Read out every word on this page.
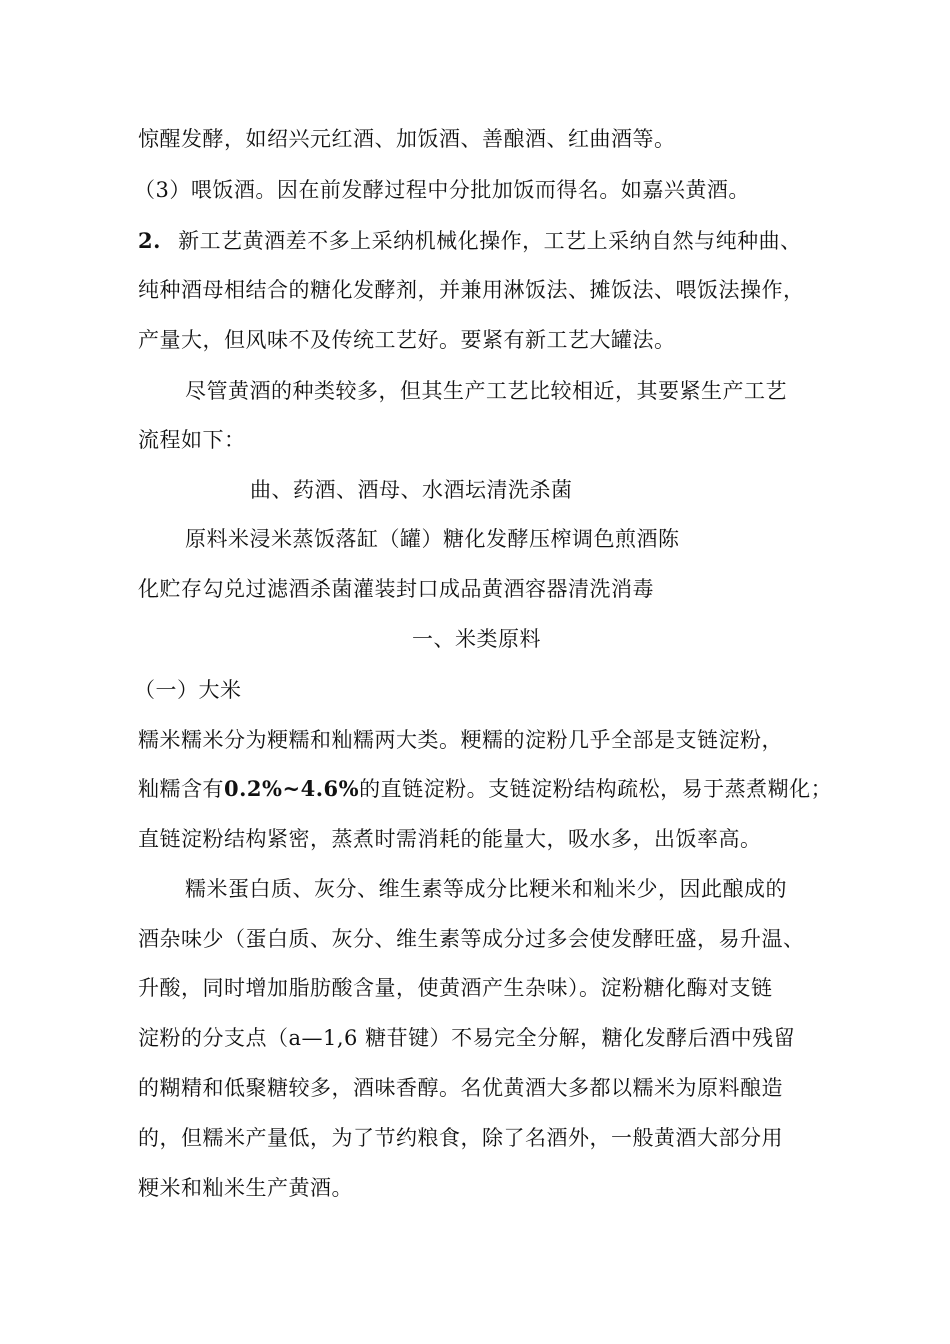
惊醒发酵，如绍兴元红酒、加饭酒、善酿酒、红曲酒等。
（3）喂饭酒。因在前发酵过程中分批加饭而得名。如嘉兴黄酒。
2. 新工艺黄酒差不多上采纳机械化操作，工艺上采纳自然与纯种曲、
纯种酒母相结合的糖化发酵剂，并兼用淋饭法、摊饭法、喂饭法操作，
产量大，但风味不及传统工艺好。要紧有新工艺大罐法。
尽管黄酒的种类较多，但其生产工艺比较相近，其要紧生产工艺
流程如下：
曲、药酒、酒母、水酒坛清洗杀菌
原料米浸米蒸饭落缸（罐）糖化发酵压榨调色煎酒陈
化贮存勾兑过滤酒杀菌灌装封口成品黄酒容器清洗消毒
一、米类原料
（一）大米
糯米糯米分为粳糯和籼糯两大类。粳糯的淀粉几乎全部是支链淀粉，
籼糯含有0.2%~4.6%的直链淀粉。支链淀粉结构疏松，易于蒸煮糊化；
直链淀粉结构紧密，蒸煮时需消耗的能量大，吸水多，出饭率高。
糯米蛋白质、灰分、维生素等成分比粳米和籼米少，因此酿成的
酒杂味少（蛋白质、灰分、维生素等成分过多会使发酵旺盛，易升温、
升酸，同时增加脂肪酸含量，使黄酒产生杂味）。淀粉糖化酶对支链
淀粉的分支点（a—1,6 糖苷键）不易完全分解，糖化发酵后酒中残留
的糊精和低聚糖较多，酒味香醇。名优黄酒大多都以糯米为原料酿造
的，但糯米产量低，为了节约粮食，除了名酒外，一般黄酒大部分用
粳米和籼米生产黄酒。
